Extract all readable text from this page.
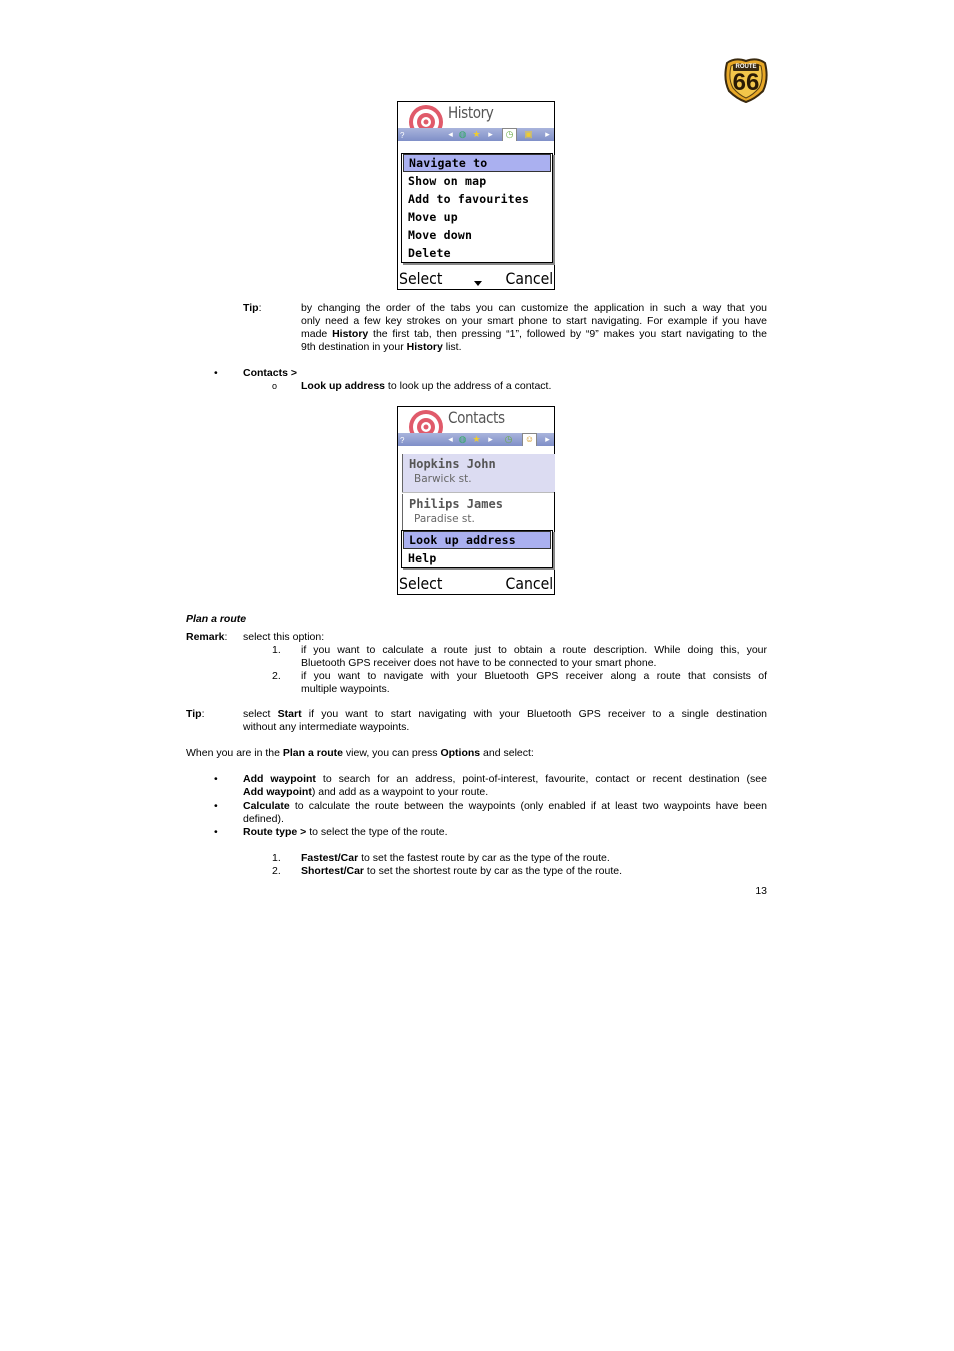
ROUTE
66
History
?	◂ ◍ ★ ▸	◷	▣	▸
Navigate to
Show on map
Add to favourites
Move up
Move down
Delete
Select	Cancel
Tip:	by changing the order of the tabs you can customize the application in such a way that you
only need a few key strokes on your smart phone to start navigating. For example if you have
made History the first tab, then pressing “1”, followed by “9” makes you start navigating to the
9th destination in your History list.
• Contacts >
o Look up address to look up the address of a contact.
Contacts
?	◂ ◍ ★ ▸	◷	☺	▸
Hopkins John
Barwick st.
Philips James
Paradise st.
Look up address
Help
Select	Cancel
Plan a route
Remark: select this option:
1. if you want to calculate a route just to obtain a route description. While doing this, your
Bluetooth GPS receiver does not have to be connected to your smart phone.
2. if you want to navigate with your Bluetooth GPS receiver along a route that consists of
multiple waypoints.
Tip:	select Start if you want to start navigating with your Bluetooth GPS receiver to a single destination
without any intermediate waypoints.
When you are in the Plan a route view, you can press Options and select:
• Add waypoint to search for an address, point-of-interest, favourite, contact or recent destination (see
Add waypoint) and add as a waypoint to your route.
• Calculate to calculate the route between the waypoints (only enabled if at least two waypoints have been
defined).
• Route type > to select the type of the route.
1. Fastest/Car to set the fastest route by car as the type of the route.
2. Shortest/Car to set the shortest route by car as the type of the route.
13
